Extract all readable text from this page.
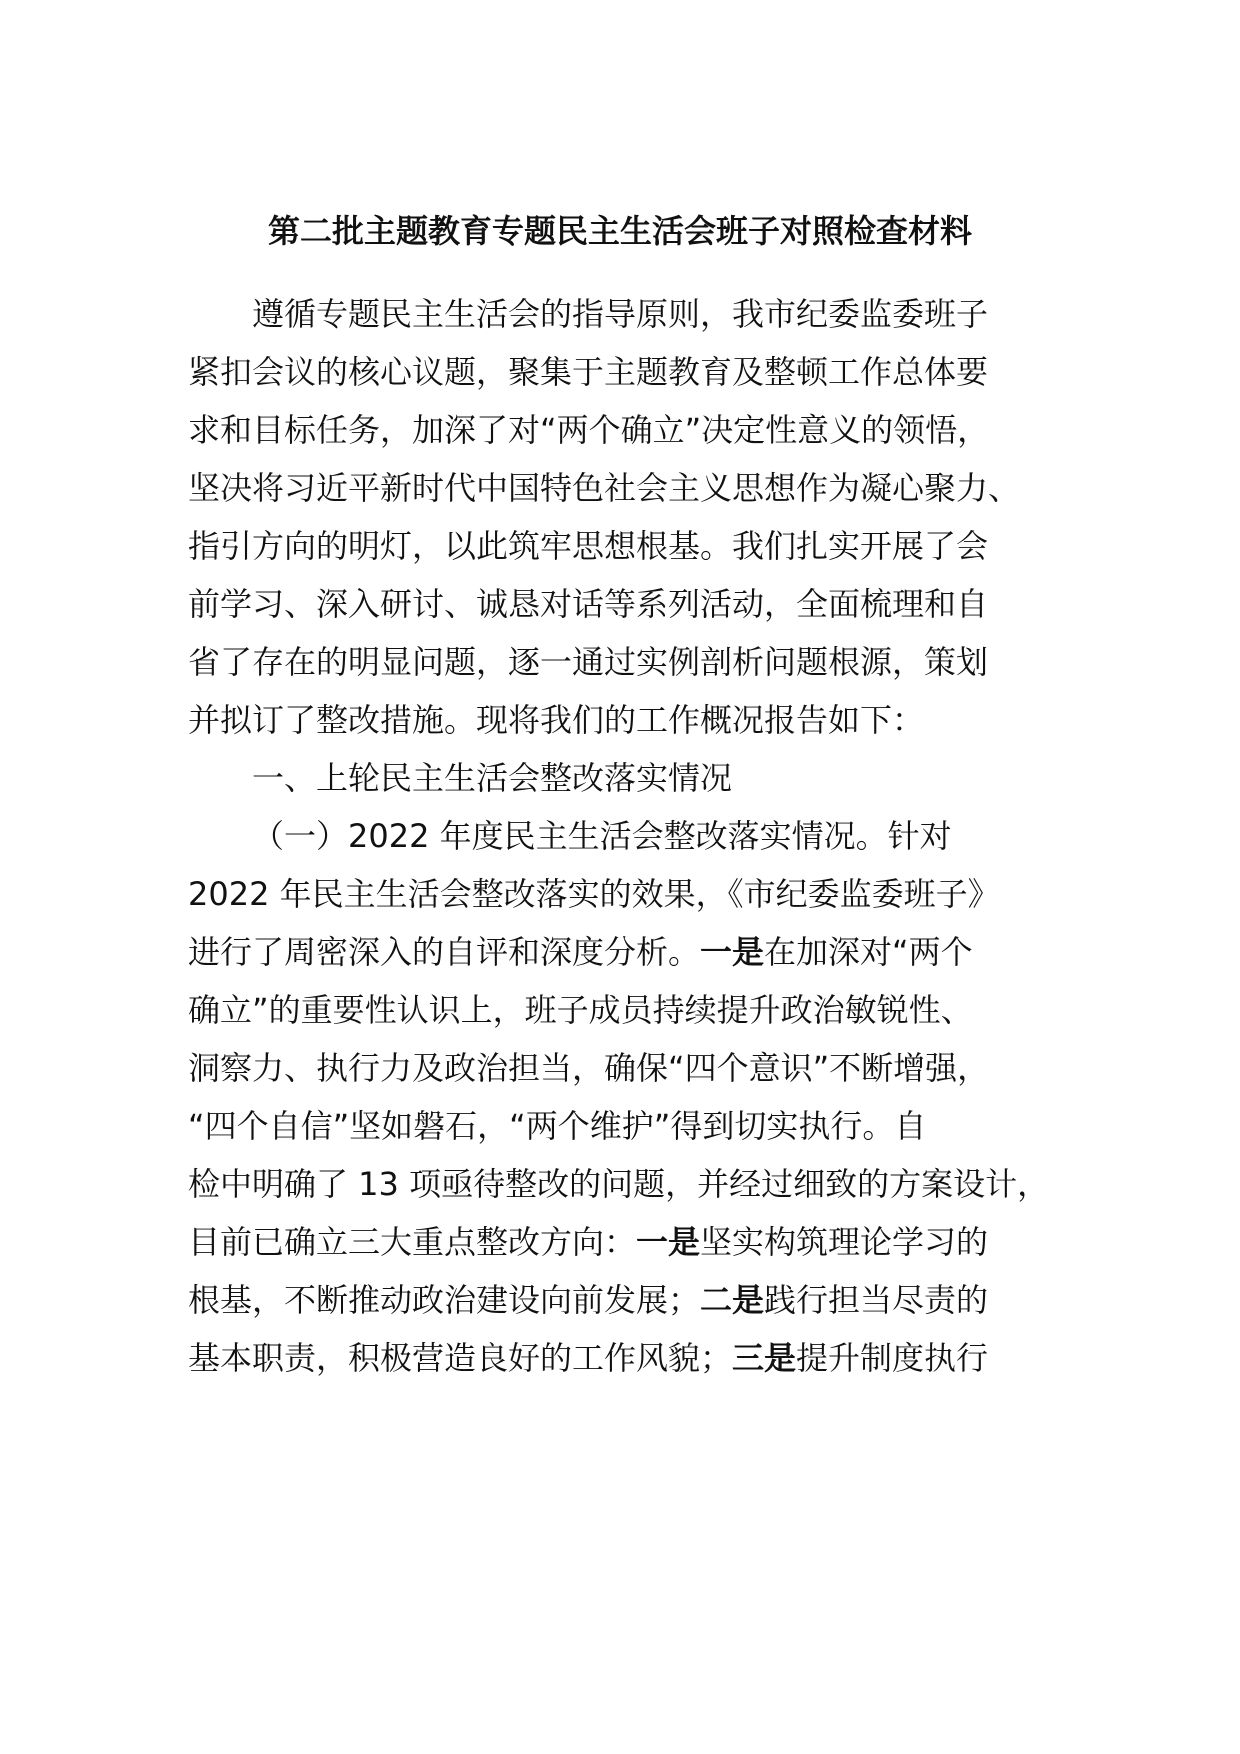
第二批主题教育专题民主生活会班子对照检查材料

遵循专题民主生活会的指导原则，我市纪委监委班子

紧扣会议的核心议题，聚集于主题教育及整顿工作总体要

求和目标任务，加深了对“两个确立”决定性意义的领悟，

坚决将习近平新时代中国特色社会主义思想作为凝心聚力、

指引方向的明灯，以此筑牢思想根基。我们扎实开展了会

前学习、深入研讨、诚恳对话等系列活动，全面梳理和自

省了存在的明显问题，逐一通过实例剖析问题根源，策划

并拟订了整改措施。现将我们的工作概况报告如下：

一、上轮民主生活会整改落实情况

（一）2022 年度民主生活会整改落实情况。针对

2022 年民主生活会整改落实的效果，《市纪委监委班子》

进行了周密深入的自评和深度分析。一是在加深对“两个

确立”的重要性认识上，班子成员持续提升政治敏锐性、

洞察力、执行力及政治担当，确保“四个意识”不断增强，

“四个自信”坚如磐石，“两个维护”得到切实执行。自

检中明确了 13 项亟待整改的问题，并经过细致的方案设计，

目前已确立三大重点整改方向：一是坚实构筑理论学习的

根基，不断推动政治建设向前发展；二是践行担当尽责的

基本职责，积极营造良好的工作风貌；三是提升制度执行
